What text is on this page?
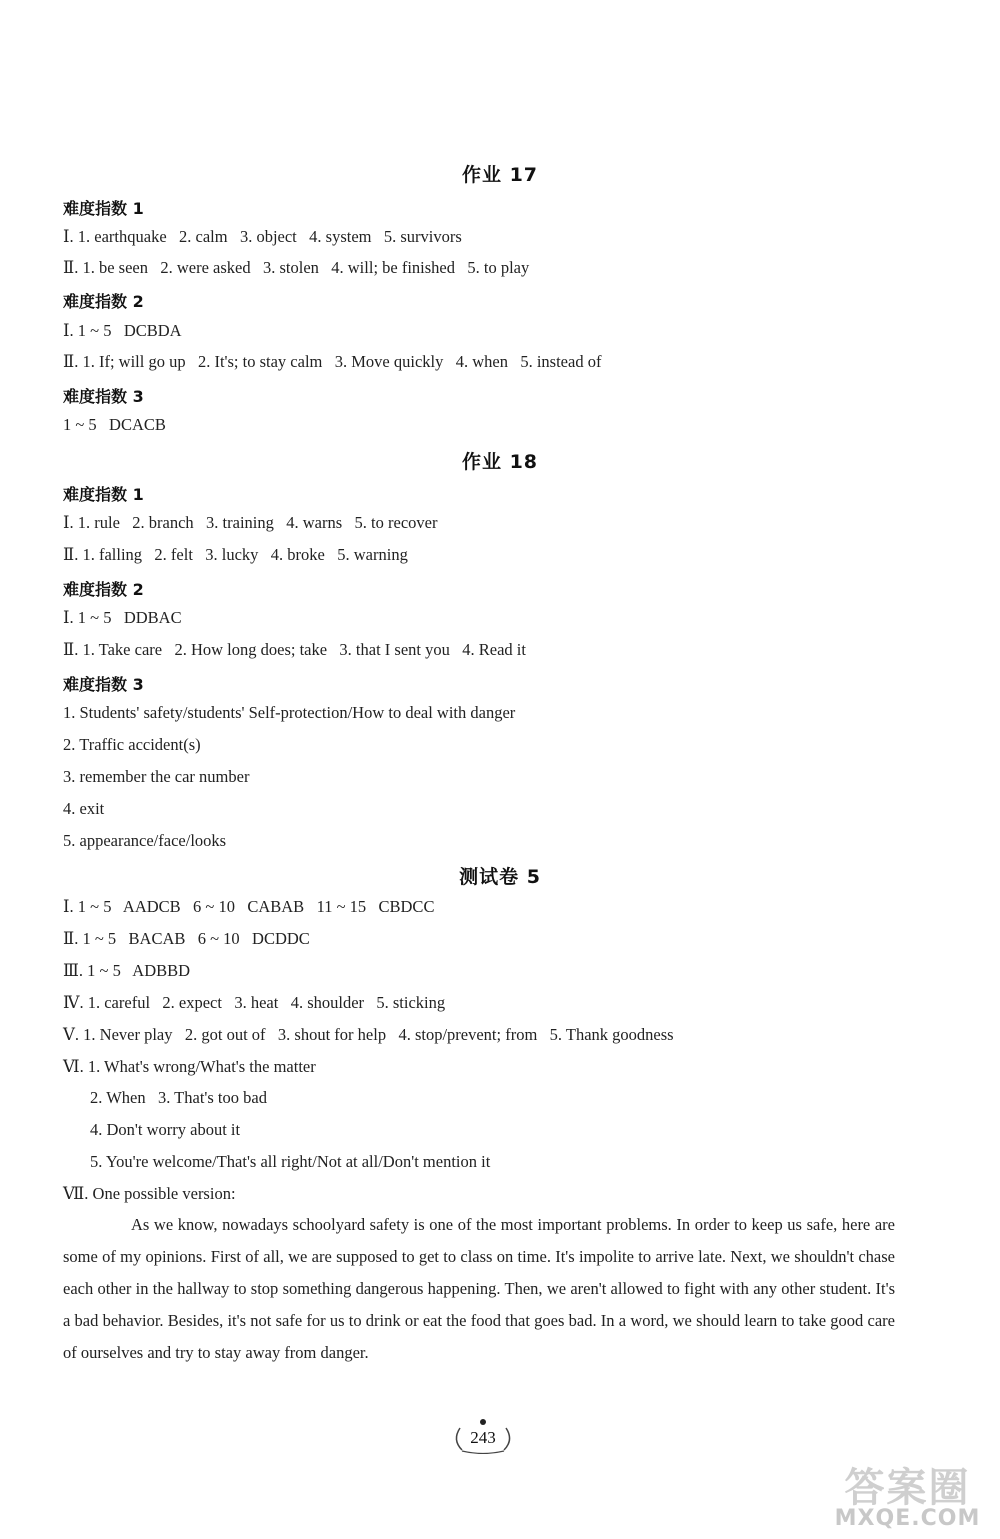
作业 17
难度指数 1
Ⅰ. 1. earthquake   2. calm   3. object   4. system   5. survivors
Ⅱ. 1. be seen   2. were asked   3. stolen   4. will; be finished   5. to play
难度指数 2
Ⅰ. 1 ~ 5   DCBDA
Ⅱ. 1. If; will go up   2. It's; to stay calm   3. Move quickly   4. when   5. instead of
难度指数 3
1 ~ 5   DCACB
作业 18
难度指数 1
Ⅰ. 1. rule   2. branch   3. training   4. warns   5. to recover
Ⅱ. 1. falling   2. felt   3. lucky   4. broke   5. warning
难度指数 2
Ⅰ. 1 ~ 5   DDBAC
Ⅱ. 1. Take care   2. How long does; take   3. that I sent you   4. Read it
难度指数 3
1. Students' safety/students' Self-protection/How to deal with danger
2. Traffic accident(s)
3. remember the car number
4. exit
5. appearance/face/looks
测试卷 5
Ⅰ. 1 ~ 5   AADCB   6 ~ 10   CABAB   11 ~ 15   CBDCC
Ⅱ. 1 ~ 5   BACAB   6 ~ 10   DCDDC
Ⅲ. 1 ~ 5   ADBBD
Ⅳ. 1. careful   2. expect   3. heat   4. shoulder   5. sticking
Ⅴ. 1. Never play   2. got out of   3. shout for help   4. stop/prevent; from   5. Thank goodness
Ⅵ. 1. What's wrong/What's the matter
2. When   3. That's too bad
4. Don't worry about it
5. You're welcome/That's all right/Not at all/Don't mention it
Ⅶ. One possible version:
As we know, nowadays schoolyard safety is one of the most important problems. In order to keep us safe, here are some of my opinions. First of all, we are supposed to get to class on time. It's impolite to arrive late. Next, we shouldn't chase each other in the hallway to stop something dangerous happening. Then, we aren't allowed to fight with any other student. It's a bad behavior. Besides, it's not safe for us to drink or eat the food that goes bad. In a word, we should learn to take good care of ourselves and try to stay away from danger.
243
答案圈
MXQE.COM
